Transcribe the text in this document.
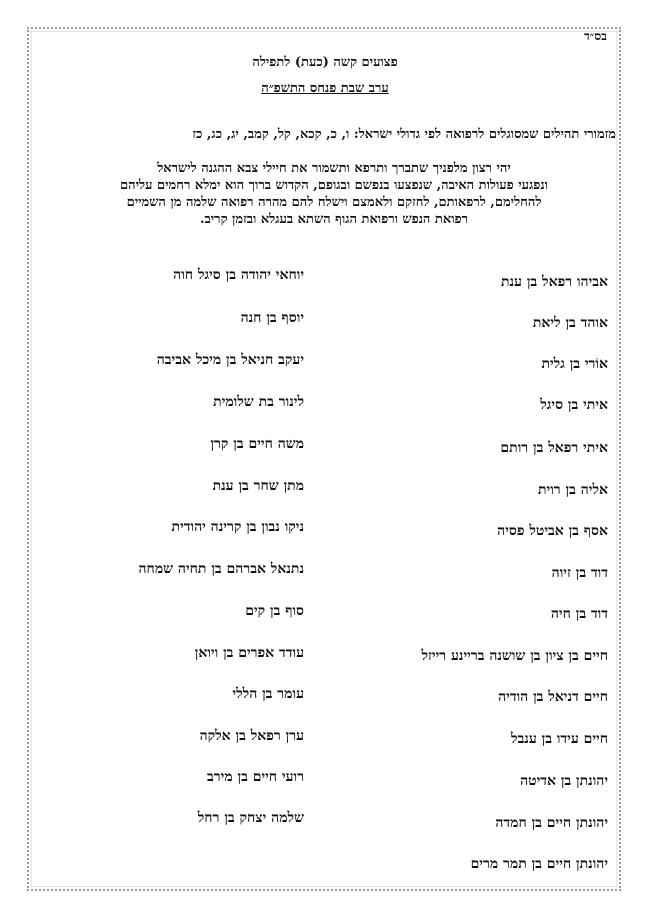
בס״ד
פצועים קשה (כעת) לתפילה
ערב שבת פנחס התשפ״ה
מזמורי תהילים שמסוגלים לרפואה לפי גדולי ישראל: ו, כ, קכא, קל, קמב, יג, כג, כז
יהי רצון מלפניך שתברך ותרפא ותשמור את חיילי צבא ההגנה לישראל
ונפגעי פעולות האיבה, שנפצעו בנפשם ובגופם, הקדוש ברוך הוא ימלא רחמים עליהם
להחלימם, לרפאותם, לחזקם ולאמצם וישלח להם מהרה רפואה שלמה מן השמיים
רפואת הנפש ורפואת הגוף השתא בעגלא ובזמן קריב.
אביהו רפאל בן ענת
אוהד בן ליאת
אוֹרי בן גלית
איתי בן סיגל
איתי רפאל בן רותם
אליה בן רוית
אסף בן אביטל פסיה
דוד בן זיוה
דוד בן חיה
חיים בן ציון בן שושנה בריינע רייזל
חיים דניאל בן הודיה
חיים עידו בן ענבל
יהונתן בן אדיטה
יהונתן חיים בן חמדה
יהונתן חיים בן תמר מרים
יוחאי יהודה בן סיגל חוה
יוסף בן חנה
יעקב חניאל בן מיכל אביבה
לינור בת שלומית
משה חיים בן קרן
מתן שחר בן ענת
ניקו נבון בן קרינה יהודית
נתנאל אברהם בן תחיה שמחה
סוף בן קים
עודד אפרים בן ויואן
עומר בן הללי
ערן רפאל בן אלקה
רועי חיים בן מירב
שלמה יצחק בן רחל
